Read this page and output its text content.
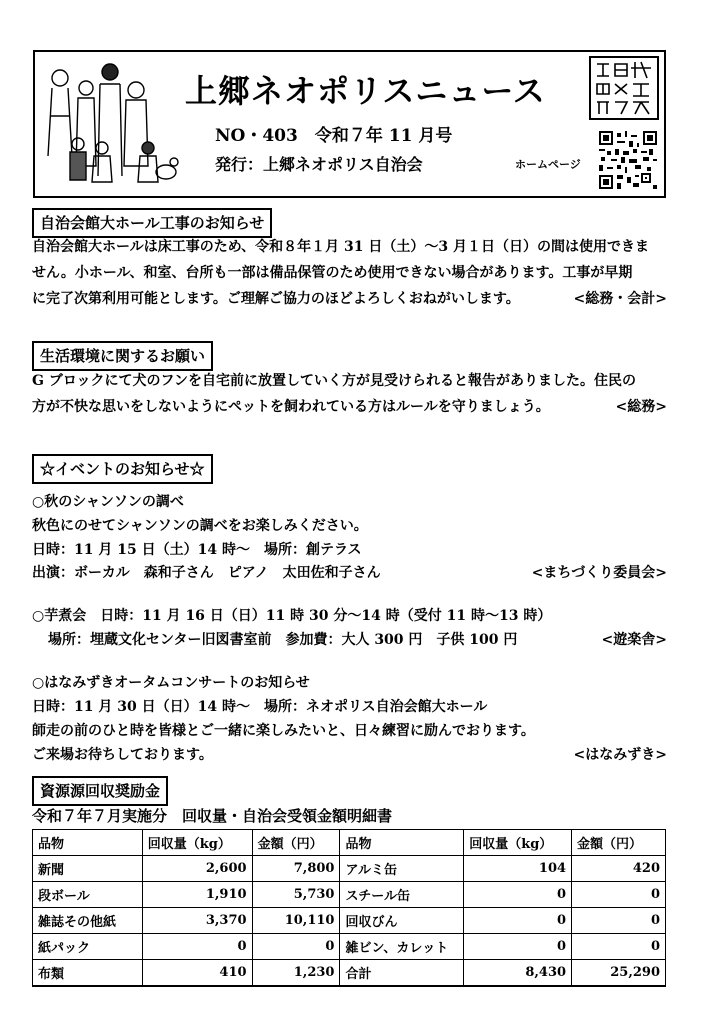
上郷ネオポリスニュース
NO・403　令和７年 11 月号
発行：上郷ネオポリス自治会	ホームページ
自治会館大ホール工事のお知らせ
自治会館大ホールは床工事のため、令和８年１月 31 日（土）～3 月１日（日）の間は使用できま
せん。小ホール、和室、台所も一部は備品保管のため使用できない場合があります。工事が早期
に完了次第利用可能とします。ご理解ご協力のほどよろしくおねがいします。	<総務・会計>
生活環境に関するお願い
G ブロックにて犬のフンを自宅前に放置していく方が見受けられると報告がありました。住民の
方が不快な思いをしないようにペットを飼われている方はルールを守りましょう。	<総務>
☆イベントのお知らせ☆
○秋のシャンソンの調べ
秋色にのせてシャンソンの調べをお楽しみください。
日時：11 月 15 日（土）14 時～　場所：創テラス
出演：ボーカル　森和子さん　ピアノ　太田佐和子さん	<まちづくり委員会>
○芋煮会　日時：11 月 16 日（日）11 時 30 分～14 時（受付 11 時～13 時）
場所：埋蔵文化センター旧図書室前　参加費：大人 300 円　子供 100 円	<遊楽舎>
○はなみずきオータムコンサートのお知らせ
日時：11 月 30 日（日）14 時～　場所：ネオポリス自治会館大ホール
師走の前のひと時を皆様とご一緒に楽しみたいと、日々練習に励んでおります。
ご来場お待ちしております。	<はなみずき>
資源源回収奨励金
令和７年７月実施分　回収量・自治会受領金額明細書
品物	回収量（kg）	金額（円）	品物	回収量（kg）	金額（円）
新聞	2,600	7,800	アルミ缶	104	420
段ボール	1,910	5,730	スチール缶	0	0
雑誌その他紙	3,370	10,110	回収びん	0	0
紙パック	0	0	雑ビン、カレット	0	0
布類	410	1,230	合計	8,430	25,290
